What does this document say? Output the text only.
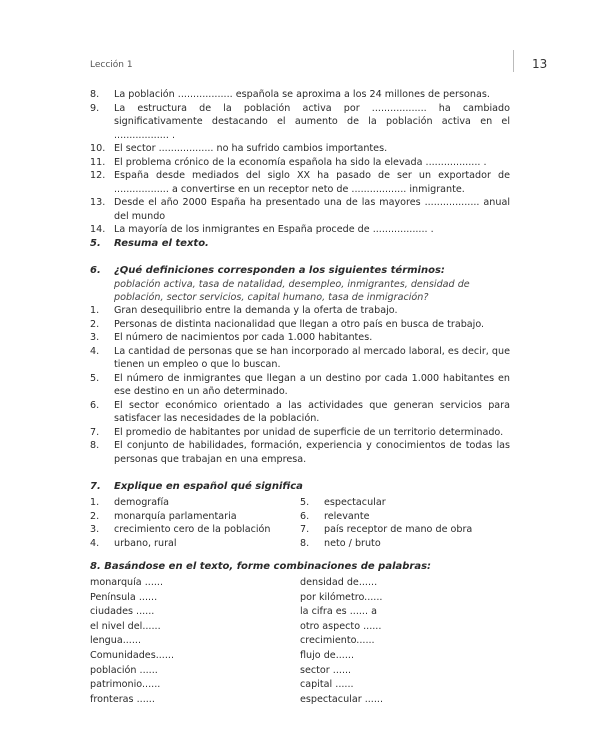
Lección 1	13
8.	La población .................. española se aproxima a los 24 millones de personas.
9.	La estructura de la población activa por .................. ha cambiado significativamente destacando el aumento de la población activa en el .................. .
10. El sector .................. no ha sufrido cambios importantes.
11. El problema crónico de la economía española ha sido la elevada .................. .
12. España desde mediados del siglo XX ha pasado de ser un exportador de .................. a convertirse en un receptor neto de .................. inmigrante.
13. Desde el año 2000 España ha presentado una de las mayores .................. anual del mundo
14. La mayoría de los inmigrantes en España procede de .................. .
5.	Resuma el texto.
6.	¿Qué definiciones corresponden a los siguientes términos:
población activa, tasa de natalidad, desempleo, inmigrantes, densidad de población, sector servicios, capital humano, tasa de inmigración?
1.	Gran desequilibrio entre la demanda y la oferta de trabajo.
2.	Personas de distinta nacionalidad que llegan a otro país en busca de trabajo.
3.	El número de nacimientos por cada 1.000 habitantes.
4.	La cantidad de personas que se han incorporado al mercado laboral, es decir, que tienen un empleo o que lo buscan.
5.	El número de inmigrantes que llegan a un destino por cada 1.000 habitantes en ese destino en un año determinado.
6.	El sector económico orientado a las actividades que generan servicios para satisfacer las necesidades de la población.
7.	El promedio de habitantes por unidad de superficie de un territorio determinado.
8.	El conjunto de habilidades, formación, experiencia y conocimientos de todas las personas que trabajan en una empresa.
7.	Explique en español qué significa
1.	demografía
2.	monarquía parlamentaria
3.	crecimiento cero de la población
4.	urbano, rural
5.	espectacular
6.	relevante
7.	país receptor de mano de obra
8.	neto / bruto
8. Basándose en el texto, forme combinaciones de palabras:
monarquía ......
Península ......
ciudades ......
el nivel del......
lengua......
Comunidades......
población ......
patrimonio......
fronteras ......
densidad de......
por kilómetro......
la cifra es ...... a
otro aspecto ......
crecimiento......
flujo de......
sector ......
capital ......
espectacular ......
